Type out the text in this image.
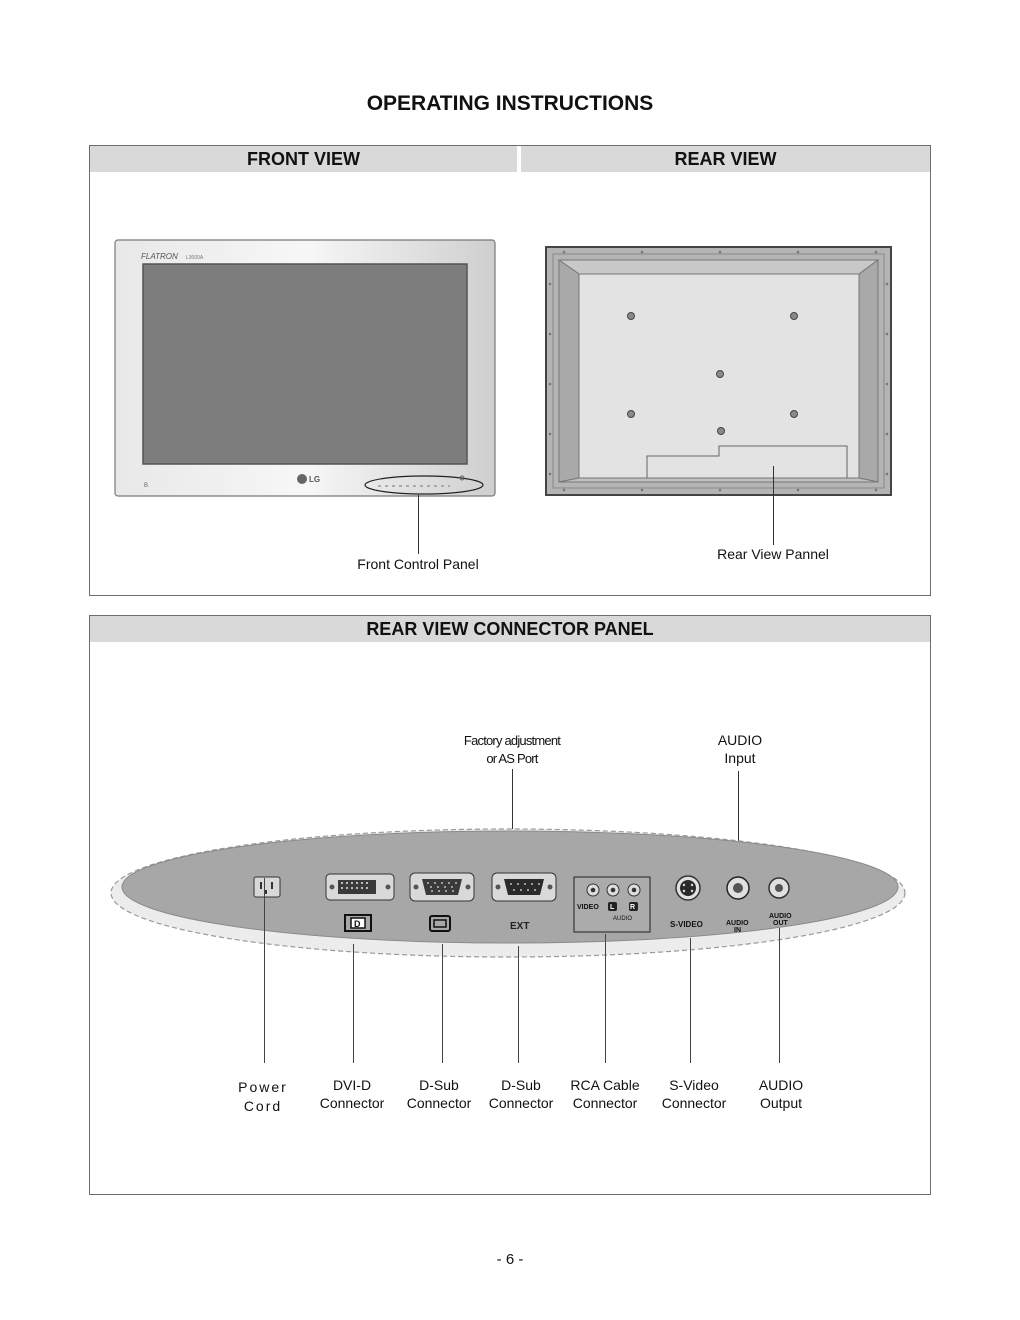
OPERATING INSTRUCTIONS
FRONT VIEW	REAR VIEW
FLATRON L3000A
LG
B
Front Control Panel
Rear View Pannel
REAR VIEW CONNECTOR PANEL
Factory adjustment
or AS Port
AUDIO
Input
D	EXT
VIDEO L R
AUDIO
S-VIDEO	AUDIO
IN
AUDIO
OUT
Power
Cord
DVI-D
Connector
D-Sub
Connector
D-Sub
Connector
RCA Cable
Connector
S-Video
Connector
AUDIO
Output
- 6 -
